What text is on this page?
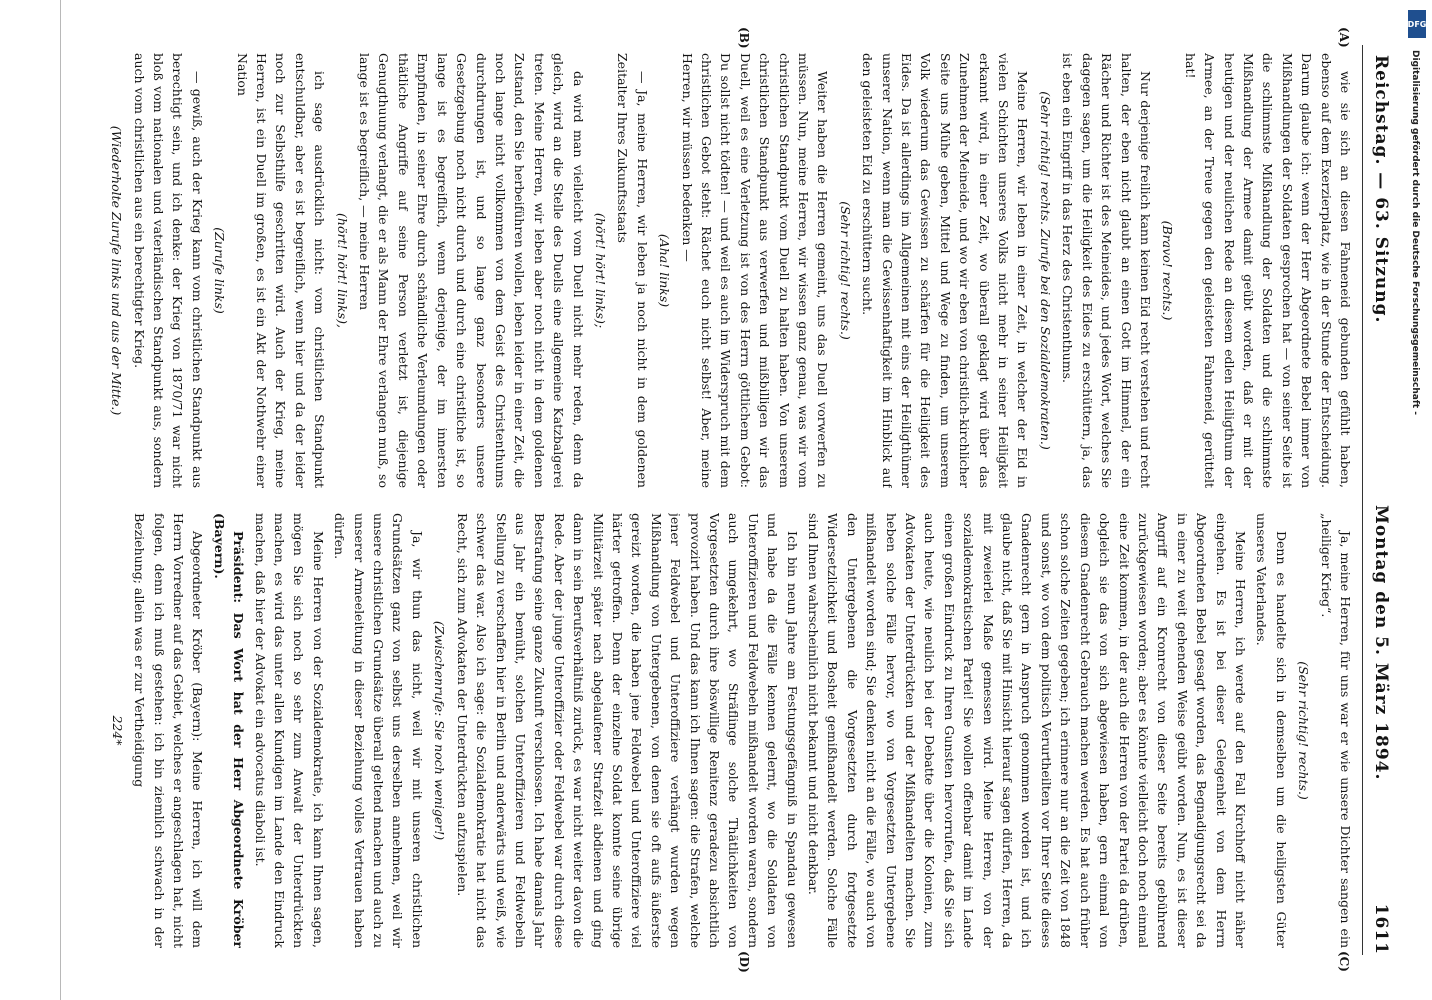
Reichstag. — 63. Sitzung.
Montag den 5. März 1894.
1611
(A)
(B)
(C)
(D)

wie sie sich an diesen Fahneneid gebunden gefühlt haben, ebenso auf dem Exerzierplatz, wie in der Stunde der Entscheidung. Darum glaube ich: wenn der Herr Abgeordnete Bebel immer von Mißhandlungen der Soldaten gesprochen hat — von seiner Seite ist die schlimmste Mißhandlung der Soldaten und die schlimmste Mißhandlung der Armee damit geübt worden, daß er mit der heutigen und der neulichen Rede an diesem edlen Heiligthum der Armee, an der Treue gegen den geleisteten Fahneneid, gerüttelt hat!

(Bravo! rechts.)

Nur derjenige freilich kann keinen Eid recht verstehen und recht halten, der eben nicht glaubt an einen Gott im Himmel, der ein Rächer und Richter ist des Meineides, und jedes Wort, welches Sie dagegen sagen, um die Heiligkeit des Eides zu erschüttern, ja, das ist eben ein Eingriff in das Herz des Christenthums.

(Sehr richtig! rechts. Zurufe bei den Sozialdemokraten.)

Meine Herren, wir leben in einer Zeit, in welcher der Eid in vielen Schichten unseres Volks nicht mehr in seiner Heiligkeit erkannt wird, in einer Zeit, wo überall geklagt wird über das Zunehmen der Meineide, und wo wir eben von christlich-kirchlicher Seite uns Mühe geben, Mittel und Wege zu finden, um unserem Volk wiederum das Gewissen zu schärfen für die Heiligkeit des Eides. Da ist allerdings im Allgemeinen mit eins der Heiligthümer unserer Nation, wenn man die Gewissenhaftigkeit im Hinblick auf den geleisteten Eid zu erschüttern sucht.

(Sehr richtig! rechts.)

Weiter haben die Herren gemeint, uns das Duell vorwerfen zu müssen. Nun, meine Herren, wir wissen ganz genau, was wir vom christlichen Standpunkt vom Duell zu halten haben. Von unserem christlichen Standpunkt aus verwerfen und mißbilligen wir das Duell, weil es eine Verletzung ist von des Herrn göttlichem Gebot: Du sollst nicht tödten! — und weil es auch im Widerspruch mit dem christlichen Gebot steht: Rächet euch nicht selbst! Aber, meine Herren, wir müssen bedenken —

(Aha! links)

— Ja, meine Herren, wir leben ja noch nicht in dem goldenen Zeitalter Ihres Zukunftsstaats

(hört! hört! links);

da wird man vielleicht vom Duell nicht mehr reden, denn da gleich, wird an die Stelle des Duells eine allgemeine Katzbalgerei treten. Meine Herren, wir leben aber noch nicht in dem goldenen Zustand, den Sie herbeiführen wollen, leben leider in einer Zeit, die noch lange nicht vollkommen von dem Geist des Christenthums durchdrungen ist, und so lange ganz besonders unsere Gesetzgebung noch nicht durch und durch eine christliche ist, so lange ist es begreiflich, wenn derjenige, der im innersten Empfinden, in seiner Ehre durch schändliche Verleumdungen oder thätliche Angriffe auf seine Person verletzt ist, diejenige Genugthuung verlangt, die er als Mann der Ehre verlangen muß, so lange ist es begreiflich, — meine Herren

(hört! hört! links),

ich sage ausdrücklich nicht: vom christlichen Standpunkt entschuldbar, aber es ist begreiflich, wenn hier und da der leider noch zur Selbsthilfe geschritten wird. Auch der Krieg, meine Herren, ist ein Duell im großen, es ist ein Akt der Nothwehr einer Nation

(Zurufe links)

— gewiß, auch der Krieg kann vom christlichen Standpunkt aus berechtigt sein, und ich denke: der Krieg von 1870/71 war nicht bloß vom nationalen und vaterländischen Standpunkt aus, sondern auch vom christlichen aus ein berechtigter Krieg.

(Wiederholte Zurufe links und aus der Mitte.)

Ja, meine Herren, für uns war er wie unsere Dichter sangen ein „heiliger Krieg“.

(Sehr richtig! rechts.)

Denn es handelte sich in demselben um die heiligsten Güter unseres Vaterlandes.

Meine Herren, ich werde auf den Fall Kirchhoff nicht näher eingehen. Es ist bei dieser Gelegenheit von dem Herrn Abgeordneten Bebel gesagt worden, das Begnadigungsrecht sei da in einer zu weit gehenden Weise geübt worden. Nun, es ist dieser Angriff auf ein Kronrecht von dieser Seite bereits gebührend zurückgewiesen worden; aber es könnte vielleicht doch noch einmal eine Zeit kommen, in der auch die Herren von der Partei da drüben, obgleich sie das von sich abgewiesen haben, gern einmal von diesem Gnadenrecht Gebrauch machen werden. Es hat auch früher schon solche Zeiten gegeben; ich erinnere nur an die Zeit von 1848 und sonst, wo von dem politisch Verurtheilten vor Ihrer Seite dieses Gnadenrecht gern in Anspruch genommen worden ist, und ich glaube nicht, daß Sie mit Hinsicht hierauf sagen dürfen, Herren, da mit zweierlei Maße gemessen wird. Meine Herren, von der sozialdemokratischen Partei! Sie wollen offenbar damit im Lande einen großen Eindruck zu Ihren Gunsten hervorrufen, daß Sie sich auch heute, wie neulich bei der Debatte über die Kolonien, zum Advokaten der Unterdrückten und der Mißhandelten machen. Sie heben solche Fälle hervor, wo von Vorgesetzten Untergebene mißhandelt worden sind; Sie denken nicht an die Fälle, wo auch von den Untergebenen die Vorgesetzten durch fortgesetzte Widersetzlichkeit und Bosheit gemißhandelt werden. Solche Fälle sind Ihnen wahrscheinlich nicht bekannt und nicht denkbar.

Ich bin neun Jahre am Festungsgefängniß in Spandau gewesen und habe da die Fälle kennen gelernt, wo die Soldaten von Unteroffizieren und Feldwebeln mißhandelt worden waren, sondern auch umgekehrt, wo Sträflinge solche Thätlichkeiten von Vorgesetzten durch ihre böswillige Renitenz geradezu absichtlich provozirt haben. Und das kann ich Ihnen sagen: die Strafen, welche jener Feldwebel und Unteroffiziere verhängt wurden wegen Mißhandlung von Untergebenen, von denen sie oft aufs äußerste gereizt worden, die haben jene Feldwebel und Unteroffiziere viel härter getroffen. Denn der einzelne Soldat konnte seine übrige Militärzeit später nach abgelaufener Strafzeit abdienen und ging dann in sein Berufsverhältniß zurück, es war nicht weiter davon die Rede. Aber der junge Unteroffizier oder Feldwebel war durch diese Bestrafung seine ganze Zukunft verschlossen. Ich habe damals Jahr aus Jahr ein bemüht, solchen Unteroffizieren und Feldwebeln Stellung zu verschaffen hier in Berlin und anderwärts und weiß, wie schwer das war. Also ich sage: die Sozialdemokratie hat nicht das Recht, sich zum Advokaten der Unterdrückten aufzuspielen.

(Zwischenrufe: Sie noch weniger!)

Ja, wir thun das nicht, weil wir mit unseren christlichen Grundsätzen ganz von selbst uns derselben annehmen, weil wir unsere christlichen Grundsätze überall geltend machen und auch zu unserer Armeeleitung in dieser Beziehung volles Vertrauen haben dürfen.

Meine Herren von der Sozialdemokratie, ich kann Ihnen sagen, mögen Sie sich noch so sehr zum Anwalt der Unterdrückten machen, es wird das unter allen Kundigen im Lande den Eindruck machen, daß hier der Advokat ein advocatus diaboli ist.

Präsident: Das Wort hat der Herr Abgeordnete Kröber (Bayern).

Abgeordneter Kröber (Bayern): Meine Herren, ich will dem Herrn Vorredner auf das Gebiet, welches er angeschlagen hat, nicht folgen, denn ich muß gestehen: ich bin ziemlich schwach in der Beziehung; allein was er zur Vertheidigung

224*

DFG
Digitalisierung gefördert durch die Deutsche Forschungsgemeinschaft -
